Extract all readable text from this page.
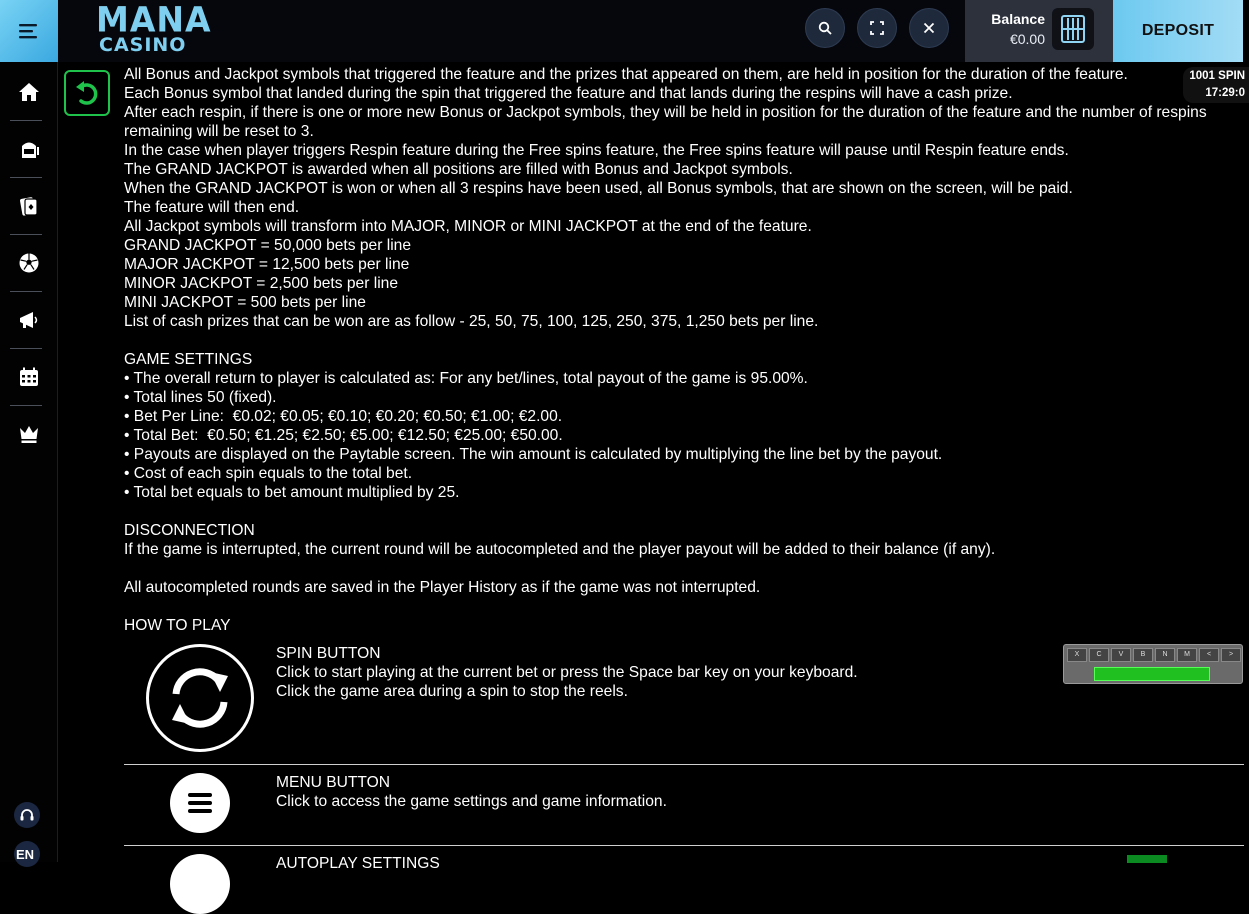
MANA
CASINO
Balance
€0.00	DEPOSIT
EN
1001 SPIN
17:29:0

All Bonus and Jackpot symbols that triggered the feature and the prizes that appeared on them, are held in position for the duration of the feature.

Each Bonus symbol that landed during the spin that triggered the feature and that lands during the respins will have a cash prize.

After each respin, if there is one or more new Bonus or Jackpot symbols, they will be held in position for the duration of the feature and the number of respins remaining will be reset to 3.

In the case when player triggers Respin feature during the Free spins feature, the Free spins feature will pause until Respin feature ends.

The GRAND JACKPOT is awarded when all positions are filled with Bonus and Jackpot symbols.

When the GRAND JACKPOT is won or when all 3 respins have been used, all Bonus symbols, that are shown on the screen, will be paid.

The feature will then end.

All Jackpot symbols will transform into MAJOR, MINOR or MINI JACKPOT at the end of the feature.

GRAND JACKPOT = 50,000 bets per line

MAJOR JACKPOT = 12,500 bets per line

MINOR JACKPOT = 2,500 bets per line

MINI JACKPOT = 500 bets per line

List of cash prizes that can be won are as follow - 25, 50, 75, 100, 125, 250, 375, 1,250 bets per line.

GAME SETTINGS

• The overall return to player is calculated as: For any bet/lines, total payout of the game is 95.00%.

• Total lines 50 (fixed).

• Bet Per Line:  €0.02; €0.05; €0.10; €0.20; €0.50; €1.00; €2.00.

• Total Bet:  €0.50; €1.25; €2.50; €5.00; €12.50; €25.00; €50.00.

• Payouts are displayed on the Paytable screen. The win amount is calculated by multiplying the line bet by the payout.

• Cost of each spin equals to the total bet.

• Total bet equals to bet amount multiplied by 25.

DISCONNECTION

If the game is interrupted, the current round will be autocompleted and the player payout will be added to their balance (if any).

All autocompleted rounds are saved in the Player History as if the game was not interrupted.

HOW TO PLAY

SPIN BUTTON
Click to start playing at the current bet or press the Space bar key on your keyboard.
Click the game area during a spin to stop the reels.
X	C	V	B	N	M	<	>
MENU BUTTON
Click to access the game settings and game information.
AUTOPLAY SETTINGS
